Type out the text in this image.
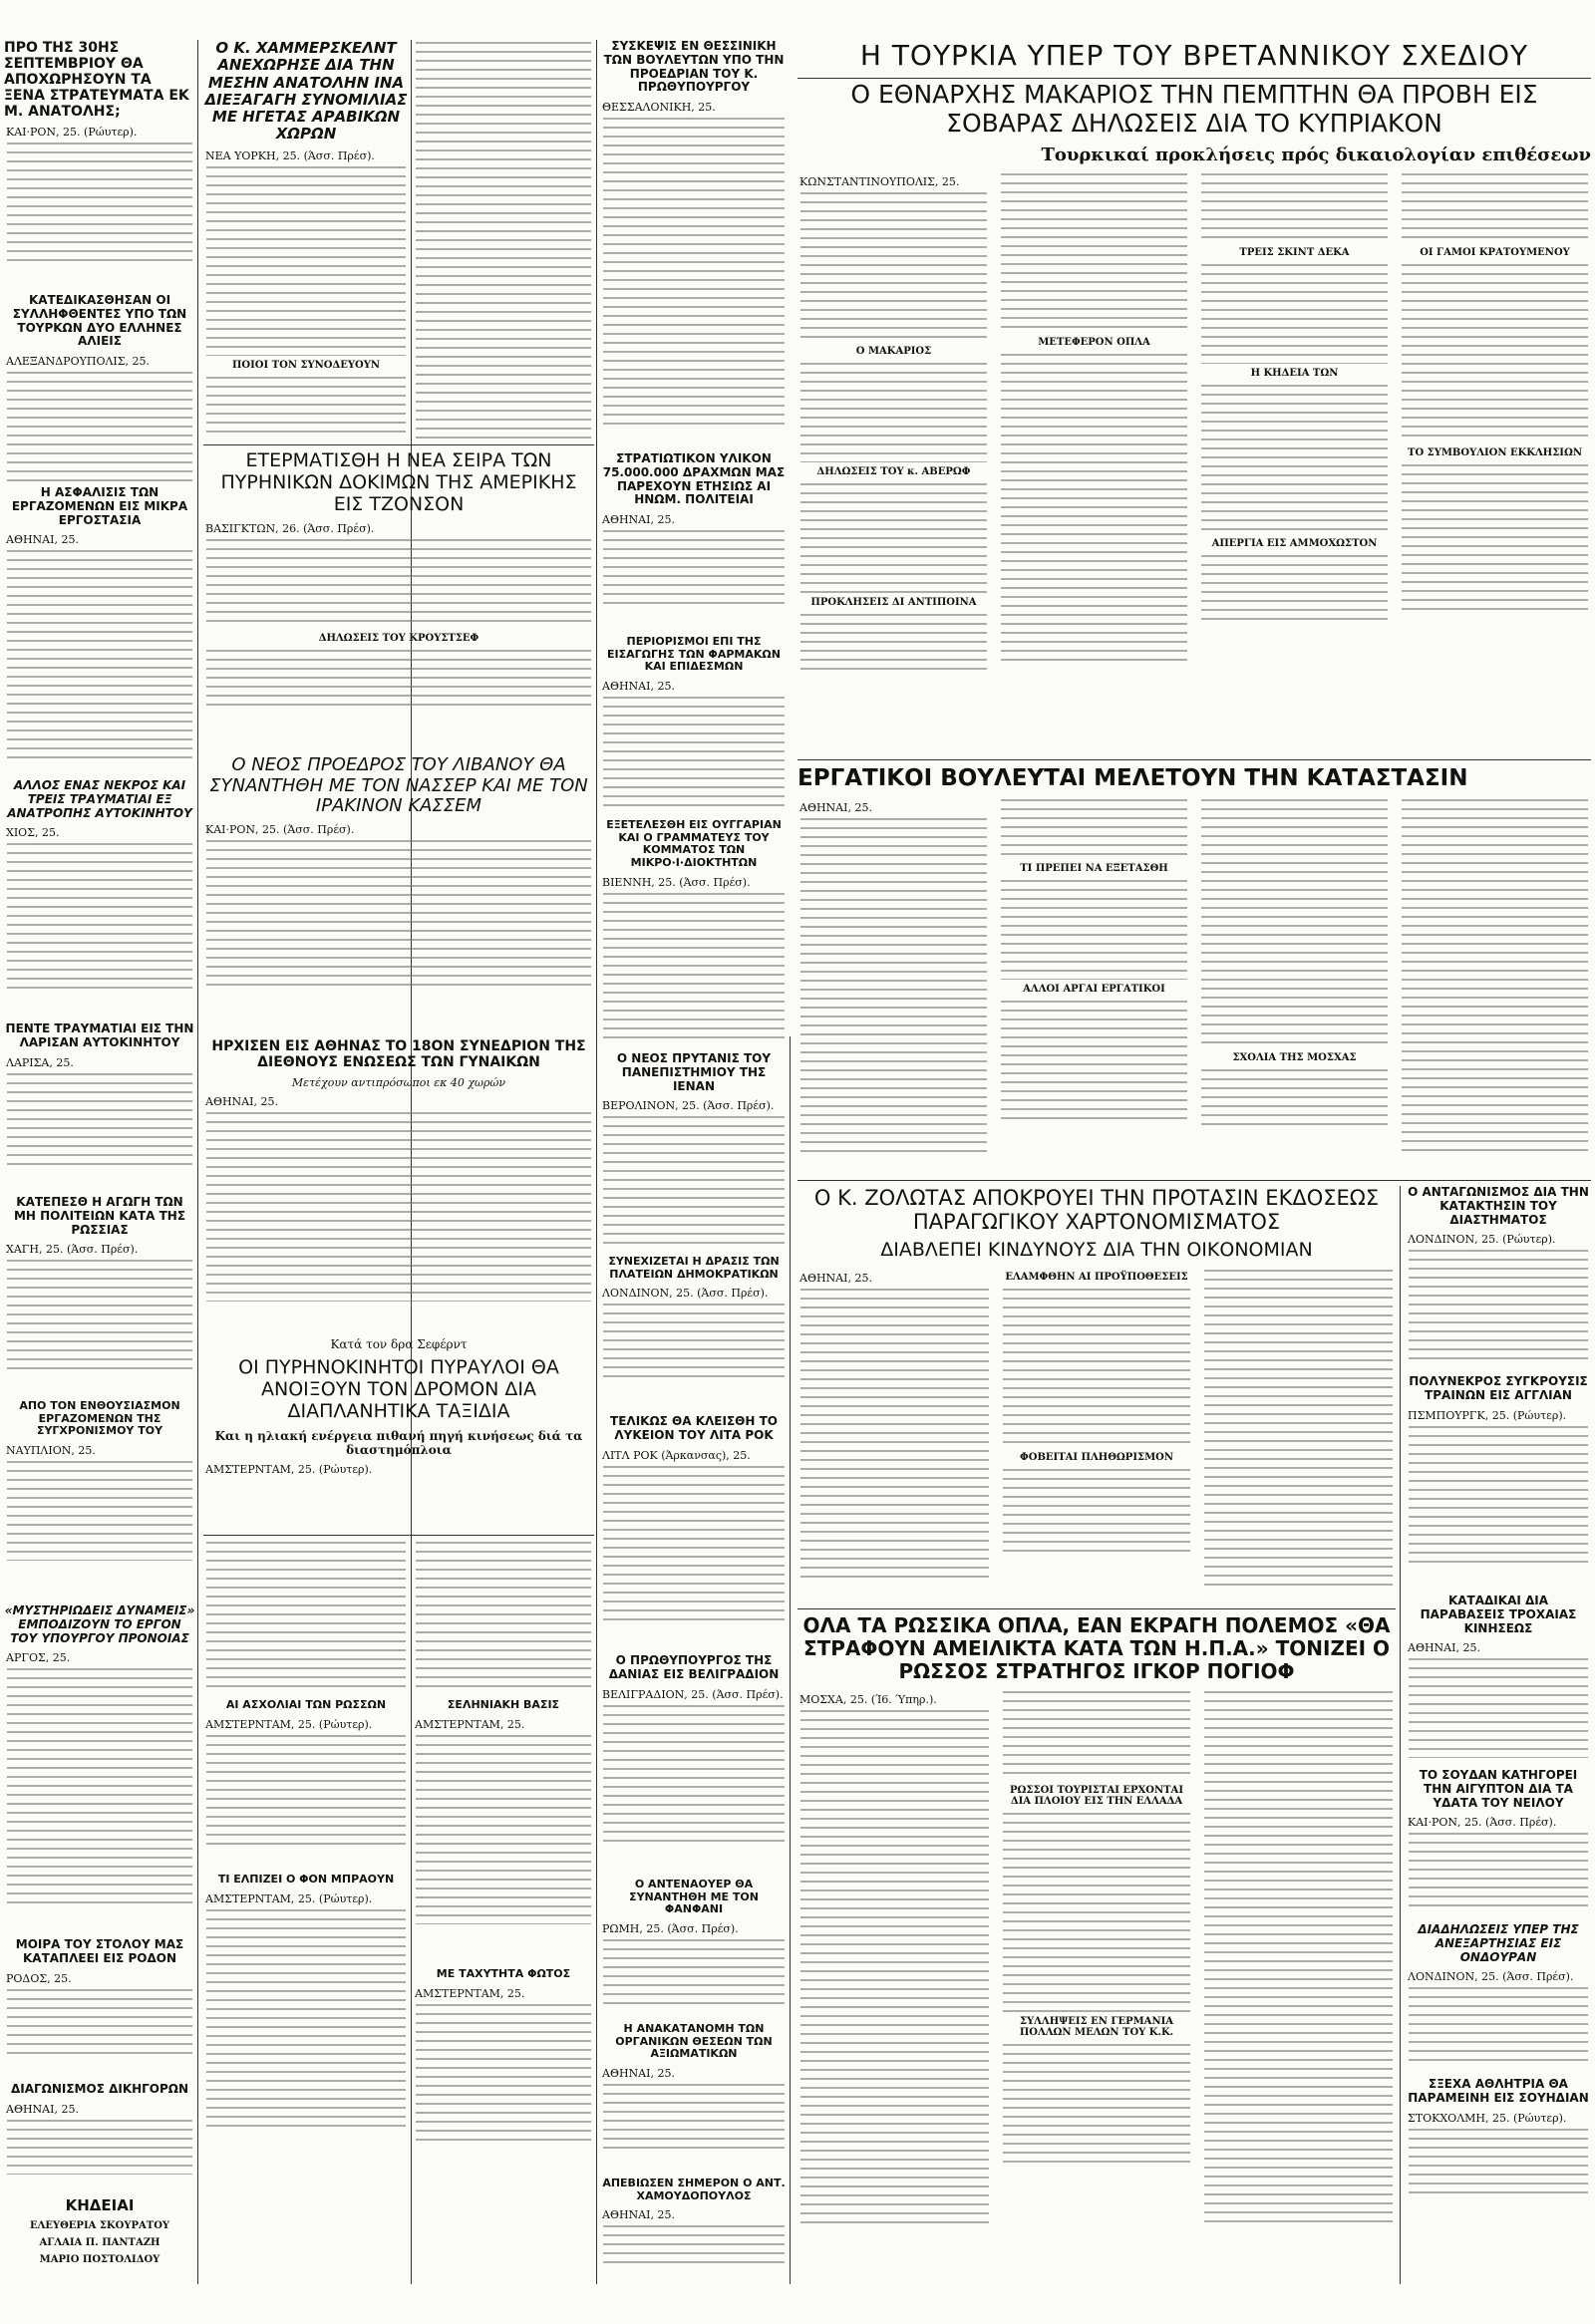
ΠΡΟ ΤΗΣ 30ΗΣ ΣΕΠΤΕΜΒΡΙΟΥ ΘΑ ΑΠΟΧΩΡΗΣΟΥΝ ΤΑ ΞΕΝΑ ΣΤΡΑΤΕΥΜΑΤΑ ΕΚ Μ. ΑΝΑΤΟΛΗΣ;
ΚΑΙ·ΡΟΝ, 25. (Ρώυτερ).
ΚΑΤΕΔΙΚΑΣΘΗΣΑΝ ΟΙ ΣΥΛΛΗΦΘΕΝΤΕΣ ΥΠΟ ΤΩΝ ΤΟΥΡΚΩΝ ΔΥΟ ΕΛΛΗΝΕΣ ΑΛΙΕΙΣ
ΑΛΕΞΑΝΔΡΟΥΠΟΛΙΣ, 25.
Η ΑΣΦΑΛΙΣΙΣ ΤΩΝ ΕΡΓΑΖΟΜΕΝΩΝ ΕΙΣ ΜΙΚΡΑ ΕΡΓΟΣΤΑΣΙΑ
ΑΘΗΝΑΙ, 25.
ΑΛΛΟΣ ΕΝΑΣ ΝΕΚΡΟΣ ΚΑΙ ΤΡΕΙΣ ΤΡΑΥΜΑΤΙΑΙ ΕΞ ΑΝΑΤΡΟΠΗΣ ΑΥΤΟΚΙΝΗΤΟΥ
ΧΙΟΣ, 25.
ΠΕΝΤΕ ΤΡΑΥΜΑΤΙΑΙ ΕΙΣ ΤΗΝ ΛΑΡΙΣΑΝ ΑΥΤΟΚΙΝΗΤΟΥ
ΛΑΡΙΣΑ, 25.
ΚΑΤΕΠΕΣΘ Η ΑΓΩΓΗ ΤΩΝ ΜΗ ΠΟΛΙΤΕΙΩΝ ΚΑΤΑ ΤΗΣ ΡΩΣΣΙΑΣ
ΧΑΓΗ, 25. (Άσσ. Πρέσ).
ΑΠΟ ΤΟΝ ΕΝΘΟΥΣΙΑΣΜΟΝ ΕΡΓΑΖΟΜΕΝΩΝ ΤΗΣ ΣΥΓΧΡΟΝΙΣΜΟΥ ΤΟΥ
ΝΑΥΠΛΙΟΝ, 25.
«ΜΥΣΤΗΡΙΩΔΕΙΣ ΔΥΝΑΜΕΙΣ» ΕΜΠΟΔΙΖΟΥΝ ΤΟ ΕΡΓΟΝ ΤΟΥ ΥΠΟΥΡΓΟΥ ΠΡΟΝΟΙΑΣ
ΑΡΓΟΣ, 25.
ΜΟΙΡΑ ΤΟΥ ΣΤΟΛΟΥ ΜΑΣ ΚΑΤΑΠΛΕΕΙ ΕΙΣ ΡΟΔΟΝ
ΡΟΔΟΣ, 25.
ΔΙΑΓΩΝΙΣΜΟΣ ΔΙΚΗΓΟΡΩΝ
ΑΘΗΝΑΙ, 25.
ΚΗΔΕΙΑΙ
ΕΛΕΥΘΕΡΙΑ ΣΚΟΥΡΑΤΟΥ
ΑΓΛΑΙΑ Π. ΠΑΝΤΑΖΗ
ΜΑΡΙΟ ΠΟΣΤΟΛΙΔΟΥ
Ο Κ. ΧΑΜΜΕΡΣΚΕΛΝΤ ΑΝΕΧΩΡΗΣΕ ΔΙΑ ΤΗΝ ΜΕΣΗΝ ΑΝΑΤΟΛΗΝ ΙΝΑ ΔΙΕΞΑΓΑΓΗ ΣΥΝΟΜΙΛΙΑΣ ΜΕ ΗΓΕΤΑΣ ΑΡΑΒΙΚΩΝ ΧΩΡΩΝ
ΝΕΑ ΥΟΡΚΗ, 25. (Άσσ. Πρέσ).
ΠΟΙΟΙ ΤΟΝ ΣΥΝΟΔΕΥΟΥΝ
ΕΤΕΡΜΑΤΙΣΘΗ Η ΝΕΑ ΣΕΙΡΑ ΤΩΝ ΠΥΡΗΝΙΚΩΝ ΔΟΚΙΜΩΝ ΤΗΣ ΑΜΕΡΙΚΗΣ ΕΙΣ ΤΖΟΝΣΟΝ
ΒΑΣΙΓΚΤΩΝ, 26. (Άσσ. Πρέσ).
ΔΗΛΩΣΕΙΣ ΤΟΥ ΚΡΟΥΣΤΣΕΦ
Ο ΝΕΟΣ ΠΡΟΕΔΡΟΣ ΤΟΥ ΛΙΒΑΝΟΥ ΘΑ ΣΥΝΑΝΤΗΘΗ ΜΕ ΤΟΝ ΝΑΣΣΕΡ ΚΑΙ ΜΕ ΤΟΝ ΙΡΑΚΙΝΟΝ ΚΑΣΣΕΜ
ΚΑΙ·ΡΟΝ, 25. (Άσσ. Πρέσ).
ΗΡΧΙΣΕΝ ΕΙΣ ΑΘΗΝΑΣ ΤΟ 18ΟΝ ΣΥΝΕΔΡΙΟΝ ΤΗΣ ΔΙΕΘΝΟΥΣ ΕΝΩΣΕΩΣ ΤΩΝ ΓΥΝΑΙΚΩΝ
Μετέχουν αντιπρόσωποι εκ 40 χωρών
ΑΘΗΝΑΙ, 25.
Κατά τον δρα Σεφέρντ
ΟΙ ΠΥΡΗΝΟΚΙΝΗΤΟΙ ΠΥΡΑΥΛΟΙ ΘΑ ΑΝΟΙΞΟΥΝ ΤΟΝ ΔΡΟΜΟΝ ΔΙΑ ΔΙΑΠΛΑΝΗΤΙΚΑ ΤΑΞΙΔΙΑ
Και η ηλιακή ενέργεια πιθανή πηγή κινήσεως διά τα διαστημόπλοια
ΑΜΣΤΕΡΝΤΑΜ, 25. (Ρώυτερ).
ΑΙ ΑΣΧΟΛΙΑΙ ΤΩΝ ΡΩΣΣΩΝ
ΑΜΣΤΕΡΝΤΑΜ, 25. (Ρώυτερ).
ΤΙ ΕΛΠΙΖΕΙ Ο ΦΟΝ ΜΠΡΑΟΥΝ
ΑΜΣΤΕΡΝΤΑΜ, 25. (Ρώυτερ).
ΣΕΛΗΝΙΑΚΗ ΒΑΣΙΣ
ΑΜΣΤΕΡΝΤΑΜ, 25.
ΜΕ ΤΑΧΥΤΗΤΑ ΦΩΤΟΣ
ΑΜΣΤΕΡΝΤΑΜ, 25.
ΣΥΣΚΕΨΙΣ ΕΝ ΘΕΣΣΙΝΙΚΗ ΤΩΝ ΒΟΥΛΕΥΤΩΝ ΥΠΟ ΤΗΝ ΠΡΟΕΔΡΙΑΝ ΤΟΥ Κ. ΠΡΩΘΥΠΟΥΡΓΟΥ
ΘΕΣΣΑΛΟΝΙΚΗ, 25.
ΣΤΡΑΤΙΩΤΙΚΟΝ ΥΛΙΚΟΝ 75.000.000 ΔΡΑΧΜΩΝ ΜΑΣ ΠΑΡΕΧΟΥΝ ΕΤΗΣΙΩΣ ΑΙ ΗΝΩΜ. ΠΟΛΙΤΕΙΑΙ
ΑΘΗΝΑΙ, 25.
ΠΕΡΙΟΡΙΣΜΟΙ ΕΠΙ ΤΗΣ ΕΙΣΑΓΩΓΗΣ ΤΩΝ ΦΑΡΜΑΚΩΝ ΚΑΙ ΕΠΙΔΕΣΜΩΝ
ΑΘΗΝΑΙ, 25.
ΕΞΕΤΕΛΕΣΘΗ ΕΙΣ ΟΥΓΓΑΡΙΑΝ ΚΑΙ Ο ΓΡΑΜΜΑΤΕΥΣ ΤΟΥ ΚΟΜΜΑΤΟΣ ΤΩΝ ΜΙΚΡΟ·Ι·ΔΙΟΚΤΗΤΩΝ
ΒΙΕΝΝΗ, 25. (Άσσ. Πρέσ).
Ο ΝΕΟΣ ΠΡΥΤΑΝΙΣ ΤΟΥ ΠΑΝΕΠΙΣΤΗΜΙΟΥ ΤΗΣ ΙΕΝΑΝ
ΒΕΡΟΛΙΝΟΝ, 25. (Άσσ. Πρέσ).
ΣΥΝΕΧΙΖΕΤΑΙ Η ΔΡΑΣΙΣ ΤΩΝ ΠΛΑΤΕΙΩΝ ΔΗΜΟΚΡΑΤΙΚΩΝ
ΛΟΝΔΙΝΟΝ, 25. (Άσσ. Πρέσ).
ΤΕΛΙΚΩΣ ΘΑ ΚΛΕΙΣΘΗ ΤΟ ΛΥΚΕΙΟΝ ΤΟΥ ΛΙΤΑ ΡΟΚ
ΛΙΤΛ ΡΟΚ (Άρκανσας), 25.
Ο ΠΡΩΘΥΠΟΥΡΓΟΣ ΤΗΣ ΔΑΝΙΑΣ ΕΙΣ ΒΕΛΙΓΡΑΔΙΟΝ
ΒΕΛΙΓΡΑΔΙΟΝ, 25. (Άσσ. Πρέσ).
Ο ΑΝΤΕΝΑΟΥΕΡ ΘΑ ΣΥΝΑΝΤΗΘΗ ΜΕ ΤΟΝ ΦΑΝΦΑΝΙ
ΡΩΜΗ, 25. (Άσσ. Πρέσ).
Η ΑΝΑΚΑΤΑΝΟΜΗ ΤΩΝ ΟΡΓΑΝΙΚΩΝ ΘΕΣΕΩΝ ΤΩΝ ΑΞΙΩΜΑΤΙΚΩΝ
ΑΘΗΝΑΙ, 25.
ΑΠΕΒΙΩΣΕΝ ΣΗΜΕΡΟΝ Ο ΑΝΤ. ΧΑΜΟΥΔΟΠΟΥΛΟΣ
ΑΘΗΝΑΙ, 25.
Η ΤΟΥΡΚΙΑ ΥΠΕΡ ΤΟΥ ΒΡΕΤΑΝΝΙΚΟΥ ΣΧΕΔΙΟΥ
Ο ΕΘΝΑΡΧΗΣ ΜΑΚΑΡΙΟΣ ΤΗΝ ΠΕΜΠΤΗΝ ΘΑ ΠΡΟΒΗ ΕΙΣ ΣΟΒΑΡΑΣ ΔΗΛΩΣΕΙΣ ΔΙΑ ΤΟ ΚΥΠΡΙΑΚΟΝ
Τουρκικαί προκλήσεις πρός δικαιολογίαν επιθέσεων
ΚΩΝΣΤΑΝΤΙΝΟΥΠΟΛΙΣ, 25.
Ο ΜΑΚΑΡΙΟΣ
ΔΗΛΩΣΕΙΣ ΤΟΥ κ. ΑΒΕΡΩΦ
ΠΡΟΚΛΗΣΕΙΣ ΔΙ ΑΝΤΙΠΟΙΝΑ
ΜΕΤΕΦΕΡΟΝ ΟΠΛΑ
ΤΡΕΙΣ ΣΚΙΝΤ ΔΕΚΑ
Η ΚΗΔΕΙΑ ΤΩΝ
ΑΠΕΡΓΙΑ ΕΙΣ ΑΜΜΟΧΩΣΤΟΝ
ΟΙ ΓΑΜΟΙ ΚΡΑΤΟΥΜΕΝΟΥ
ΤΟ ΣΥΜΒΟΥΛΙΟΝ ΕΚΚΛΗΣΙΩΝ
ΕΡΓΑΤΙΚΟΙ ΒΟΥΛΕΥΤΑΙ ΜΕΛΕΤΟΥΝ ΤΗΝ ΚΑΤΑΣΤΑΣΙΝ
ΑΘΗΝΑΙ, 25.
ΤΙ ΠΡΕΠΕΙ ΝΑ ΕΞΕΤΑΣΘΗ
ΑΛΛΟΙ ΑΡΓΑΙ ΕΡΓΑΤΙΚΟΙ
ΣΧΟΛΙΑ ΤΗΣ ΜΟΣΧΑΣ
Ο Κ. ΖΟΛΩΤΑΣ ΑΠΟΚΡΟΥΕΙ ΤΗΝ ΠΡΟΤΑΣΙΝ ΕΚΔΟΣΕΩΣ ΠΑΡΑΓΩΓΙΚΟΥ ΧΑΡΤΟΝΟΜΙΣΜΑΤΟΣ
ΔΙΑΒΛΕΠΕΙ ΚΙΝΔΥΝΟΥΣ ΔΙΑ ΤΗΝ ΟΙΚΟΝΟΜΙΑΝ
ΑΘΗΝΑΙ, 25.	ΕΛΑΜΦΘΗΝ ΑΙ ΠΡΟΫΠΟΘΕΣΕΙΣ
ΦΟΒΕΙΤΑΙ ΠΛΗΘΩΡΙΣΜΟΝ
ΟΛΑ ΤΑ ΡΩΣΣΙΚΑ ΟΠΛΑ, ΕΑΝ ΕΚΡΑΓΗ ΠΟΛΕΜΟΣ «ΘΑ ΣΤΡΑΦΟΥΝ ΑΜΕΙΛΙΚΤΑ ΚΑΤΑ ΤΩΝ Η.Π.Α.» ΤΟΝΙΖΕΙ Ο ΡΩΣΣΟΣ ΣΤΡΑΤΗΓΟΣ ΙΓΚΟΡ ΠΟΓΙΟΦ
ΜΟΣΧΑ, 25. (Ί6. Ύπηρ.).
ΡΩΣΣΟΙ ΤΟΥΡΙΣΤΑΙ ΕΡΧΟΝΤΑΙ ΔΙΑ ΠΛΟΙΟΥ ΕΙΣ ΤΗΝ ΕΛΛΑΔΑ
ΣΥΛΛΗΨΕΙΣ ΕΝ ΓΕΡΜΑΝΙΑ ΠΟΛΛΩΝ ΜΕΛΩΝ ΤΟΥ Κ.Κ.
Ο ΑΝΤΑΓΩΝΙΣΜΟΣ ΔΙΑ ΤΗΝ ΚΑΤΑΚΤΗΣΙΝ ΤΟΥ ΔΙΑΣΤΗΜΑΤΟΣ
ΛΟΝΔΙΝΟΝ, 25. (Ρώυτερ).
ΠΟΛΥΝΕΚΡΟΣ ΣΥΓΚΡΟΥΣΙΣ ΤΡΑΙΝΩΝ ΕΙΣ ΑΓΓΛΙΑΝ
ΠΣΜΠΟΥΡΓΚ, 25. (Ρώυτερ).
ΚΑΤΑΔΙΚΑΙ ΔΙΑ ΠΑΡΑΒΑΣΕΙΣ ΤΡΟΧΑΙΑΣ ΚΙΝΗΣΕΩΣ
ΑΘΗΝΑΙ, 25.
ΤΟ ΣΟΥΔΑΝ ΚΑΤΗΓΟΡΕΙ ΤΗΝ ΑΙΓΥΠΤΟΝ ΔΙΑ ΤΑ ΥΔΑΤΑ ΤΟΥ ΝΕΙΛΟΥ
ΚΑΙ·ΡΟΝ, 25. (Άσσ. Πρέσ).
ΔΙΑΔΗΛΩΣΕΙΣ ΥΠΕΡ ΤΗΣ ΑΝΕΞΑΡΤΗΣΙΑΣ ΕΙΣ ΟΝΔΟΥΡΑΝ
ΛΟΝΔΙΝΟΝ, 25. (Άσσ. Πρέσ).
ΣΞΕΧΑ ΑΘΛΗΤΡΙΑ ΘΑ ΠΑΡΑΜΕΙΝΗ ΕΙΣ ΣΟΥΗΔΙΑΝ
ΣΤΟΚΧΟΛΜΗ, 25. (Ρώυτερ).
